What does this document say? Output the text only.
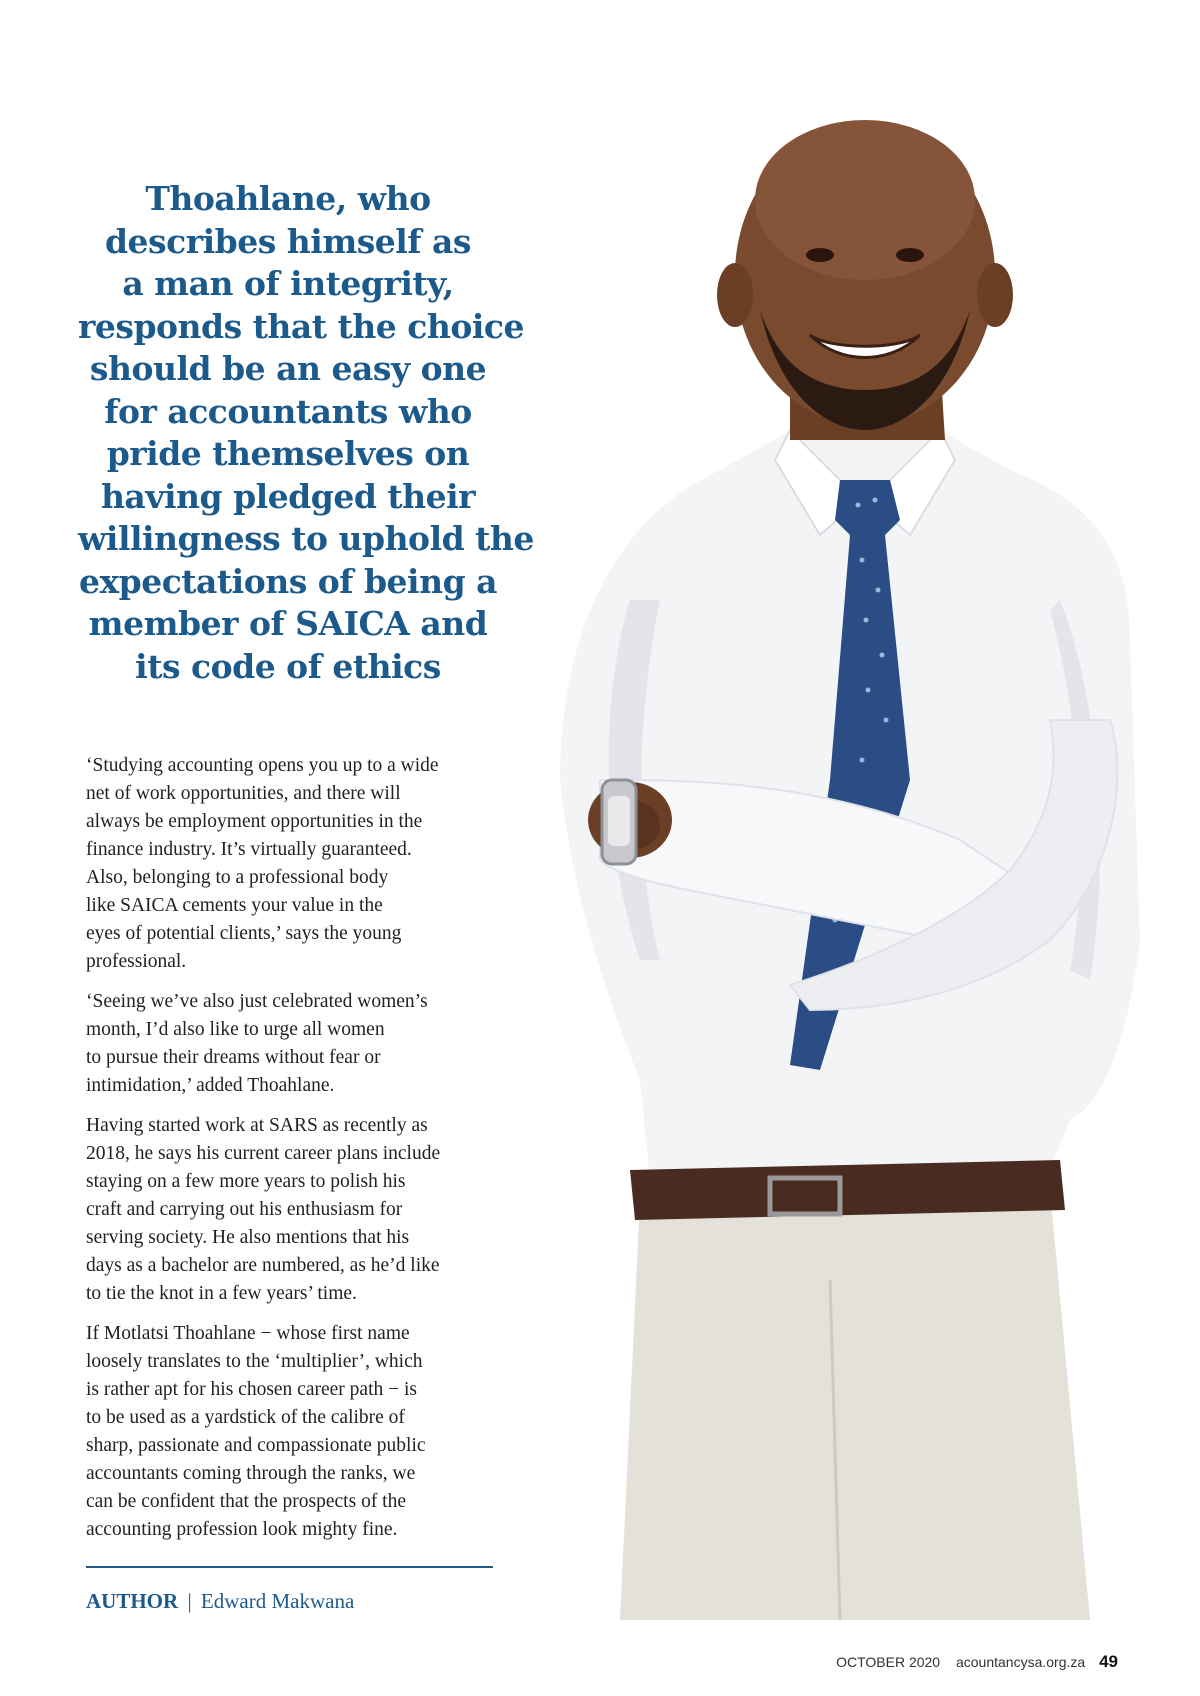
Thoahlane, who
describes himself as
a man of integrity,
responds that the choice
should be an easy one
for accountants who
pride themselves on
having pledged their
willingness to uphold the
expectations of being a
member of SAICA and
its code of ethics

‘Studying accounting opens you up to a wide
net of work opportunities, and there will
always be employment opportunities in the
finance industry. It’s virtually guaranteed.
Also, belonging to a professional body
like SAICA cements your value in the
eyes of potential clients,’ says the young
professional.

‘Seeing we’ve also just celebrated women’s
month, I’d also like to urge all women
to pursue their dreams without fear or
intimidation,’ added Thoahlane.

Having started work at SARS as recently as
2018, he says his current career plans include
staying on a few more years to polish his
craft and carrying out his enthusiasm for
serving society. He also mentions that his
days as a bachelor are numbered, as he’d like
to tie the knot in a few years’ time.

If Motlatsi Thoahlane − whose first name
loosely translates to the ‘multiplier’, which
is rather apt for his chosen career path − is
to be used as a yardstick of the calibre of
sharp, passionate and compassionate public
accountants coming through the ranks, we
can be confident that the prospects of the
accounting profession look mighty fine.

AUTHOR | Edward Makwana
OCTOBER 2020 acountancysa.org.za 49
